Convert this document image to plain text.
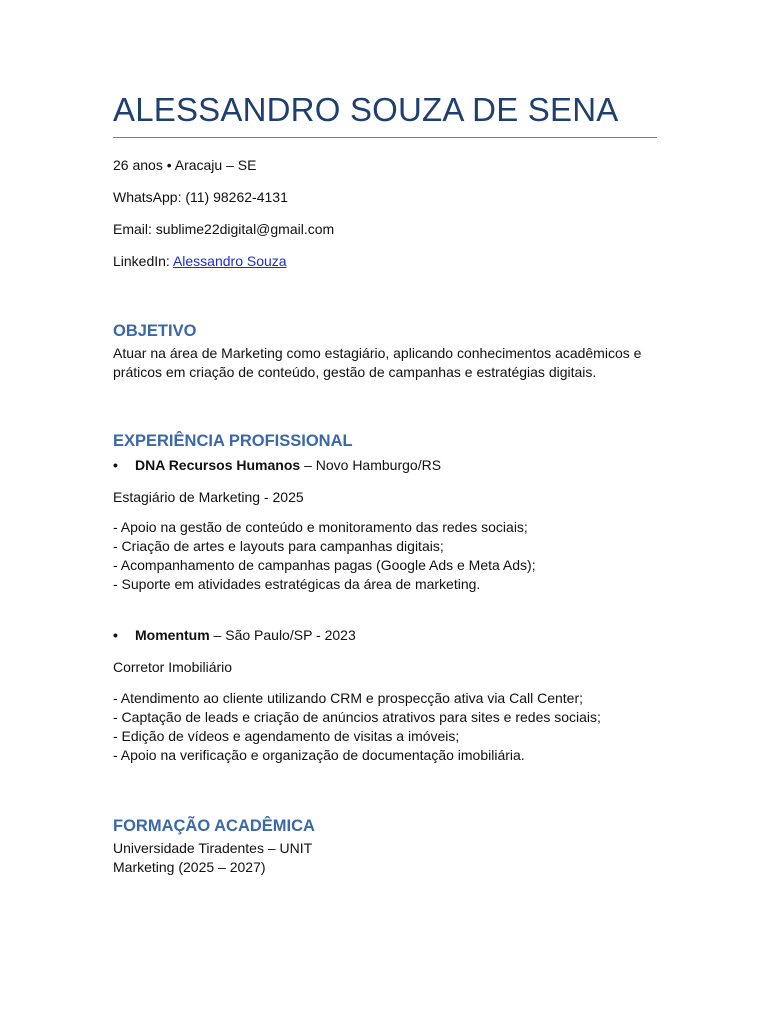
ALESSANDRO SOUZA DE SENA
26 anos • Aracaju – SE
WhatsApp: (11) 98262-4131
Email: sublime22digital@gmail.com
LinkedIn: Alessandro Souza
OBJETIVO
Atuar na área de Marketing como estagiário, aplicando conhecimentos acadêmicos e práticos em criação de conteúdo, gestão de campanhas e estratégias digitais.
EXPERIÊNCIA PROFISSIONAL
• DNA Recursos Humanos – Novo Hamburgo/RS
Estagiário de Marketing - 2025
- Apoio na gestão de conteúdo e monitoramento das redes sociais;
- Criação de artes e layouts para campanhas digitais;
- Acompanhamento de campanhas pagas (Google Ads e Meta Ads);
- Suporte em atividades estratégicas da área de marketing.
• Momentum – São Paulo/SP - 2023
Corretor Imobiliário
- Atendimento ao cliente utilizando CRM e prospecção ativa via Call Center;
- Captação de leads e criação de anúncios atrativos para sites e redes sociais;
- Edição de vídeos e agendamento de visitas a imóveis;
- Apoio na verificação e organização de documentação imobiliária.
FORMAÇÃO ACADÊMICA
Universidade Tiradentes – UNIT
Marketing (2025 – 2027)
